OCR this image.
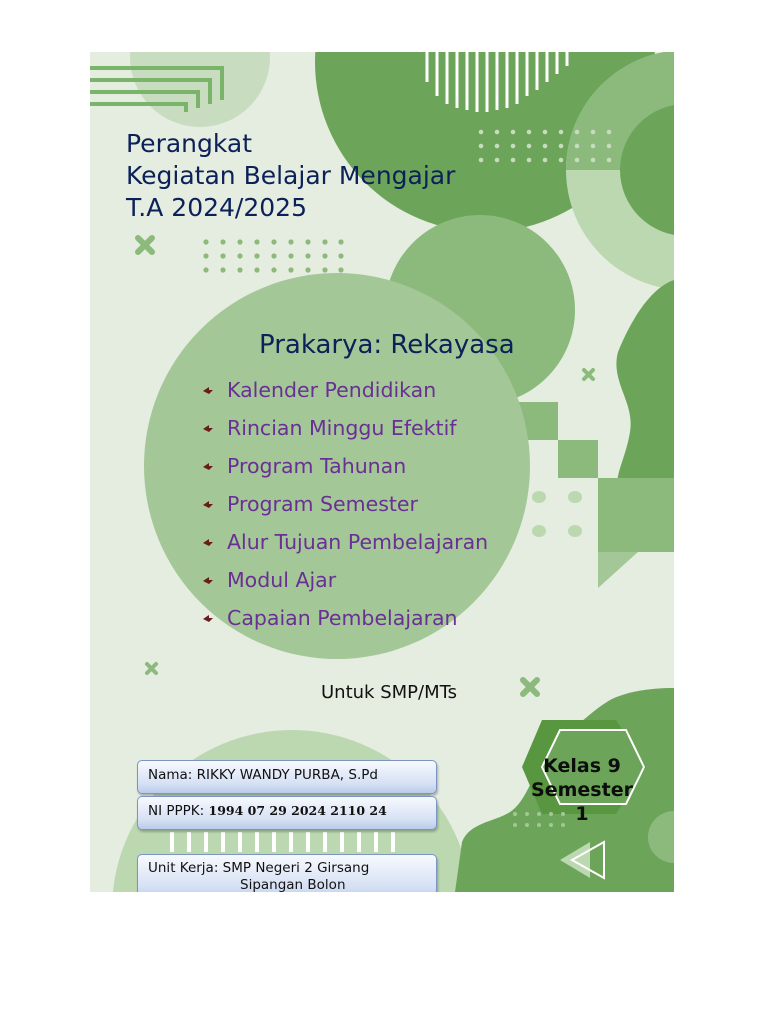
Perangkat
Kegiatan Belajar Mengajar
T.A 2024/2025
Prakarya: Rekayasa
Kalender Pendidikan
Rincian Minggu Efektif
Program Tahunan
Program Semester
Alur Tujuan Pembelajaran
Modul Ajar
Capaian Pembelajaran
Untuk SMP/MTs
Nama: RIKKY WANDY PURBA, S.Pd
NI PPPK: 1994 07 29 2024 2110 24
Unit Kerja: SMP Negeri 2 Girsang
Sipangan Bolon
Kelas 9
Semester
1
